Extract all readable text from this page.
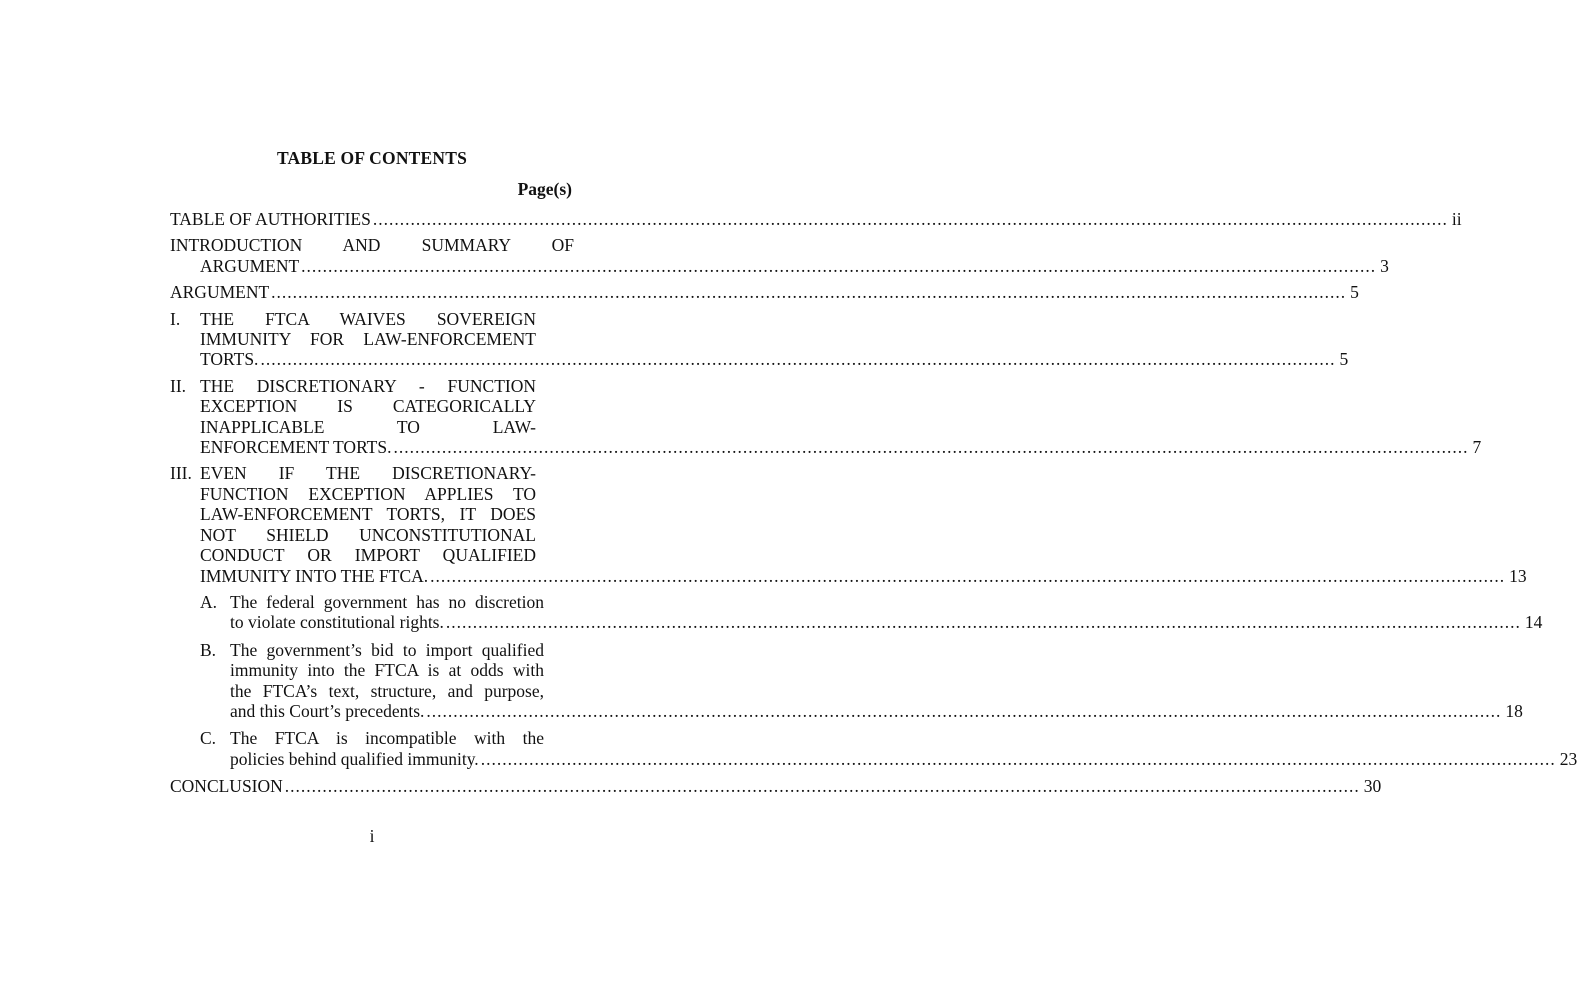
TABLE OF CONTENTS
Page(s)
TABLE OF AUTHORITIES .....	ii
INTRODUCTION AND SUMMARY OF
ARGUMENT .....	3
ARGUMENT .....	5
I.	THE FTCA WAIVES SOVEREIGN
IMMUNITY FOR LAW-ENFORCEMENT
TORTS. .....	5
II. THE DISCRETIONARY - FUNCTION
EXCEPTION IS CATEGORICALLY
INAPPLICABLE TO LAW-
ENFORCEMENT TORTS. .....	7
III. EVEN IF THE DISCRETIONARY-
FUNCTION EXCEPTION APPLIES TO
LAW-ENFORCEMENT TORTS, IT DOES
NOT SHIELD UNCONSTITUTIONAL
CONDUCT OR IMPORT QUALIFIED
IMMUNITY INTO THE FTCA. .....	13
A. The federal government has no discretion
to violate constitutional rights. .....	14
B. The government’s bid to import qualified
immunity into the FTCA is at odds with
the FTCA’s text, structure, and purpose,
and this Court’s precedents. .....	18
C. The FTCA is incompatible with the
policies behind qualified immunity. .....	23
CONCLUSION .....	30
i
